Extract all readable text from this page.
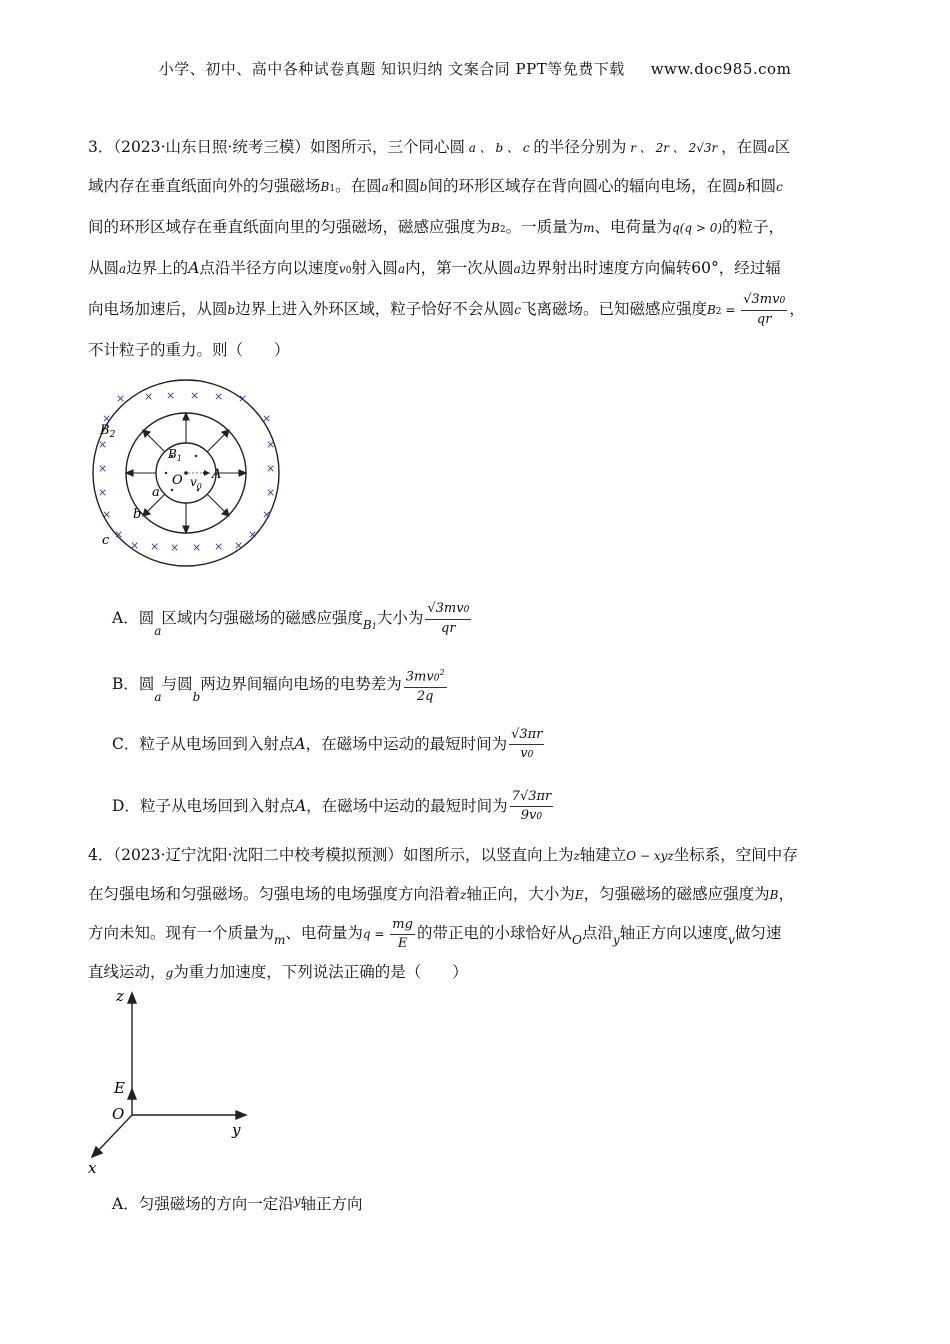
小学、初中、高中各种试卷真题 知识归纳 文案合同 PPT等免费下载 www.doc985.com
3．（2023·山东日照·统考三模）如图所示，三个同心圆 a 、 b 、 c 的半径分别为 r 、 2r 、 2√3r ，在圆a区
域内存在垂直纸面向外的匀强磁场B1。在圆a和圆b间的环形区域存在背向圆心的辐向电场，在圆b和圆c
间的环形区域存在垂直纸面向里的匀强磁场，磁感应强度为B2。一质量为m、电荷量为q(q > 0)的粒子，
从圆a边界上的A点沿半径方向以速度v0射入圆a内，第一次从圆a边界射出时速度方向偏转60°，经过辐
向电场加速后，从圆b边界上进入外环区域，粒子恰好不会从圆c飞离磁场。已知磁感应强度$B2 = \frac{√3mv0}{qr}$ ，
不计粒子的重力。则（　　）
× × × × × ×
×	×
×	×
×	×
×	×
×	×
×	×
× × × × × ×
$B_2$
$B_1$
O A
$v_0$
a
b
c
A．圆$_a$区域内匀强磁场的磁感应强度$_{B1}$大小为 $\frac{√3mv0}{qr}$
B．圆$_a$与圆$_b$两边界间辐向电场的电势差为 $\frac{3mv0^2}{2q}$
C．粒子从电场回到入射点A，在磁场中运动的最短时间为 $\frac{√3\pi r}{v0}$
D．粒子从电场回到入射点A，在磁场中运动的最短时间为 $\frac{7√3\pi r}{9v0}$
4．（2023·辽宁沈阳·沈阳二中校考模拟预测）如图所示，以竖直向上为z轴建立O − xyz坐标系，空间中存
在匀强电场和匀强磁场。匀强电场的电场强度方向沿着z轴正向，大小为E，匀强磁场的磁感应强度为B，
方向未知。现有一个质量为$_m$、电荷量为$q = \frac{mg}{E}$ 的带正电的小球恰好从$_O$点沿$_y$轴正方向以速度$_v$做匀速
直线运动，g为重力加速度，下列说法正确的是（　　）
z
y
x
E
O
A．匀强磁场的方向一定沿$^y$轴正方向
